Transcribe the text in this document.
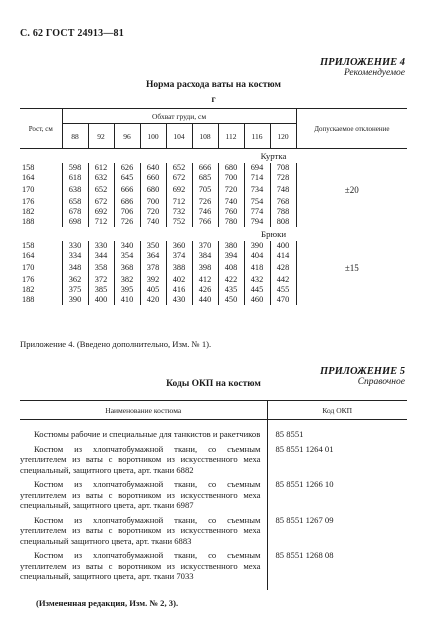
С. 62 ГОСТ 24913—81
ПРИЛОЖЕНИЕ 4
Рекомендуемое
Норма расхода ваты на костюм
г
Рост, см	Обхват груди, см									Допускаемое отклонение
	88	92	96	100	104	108	112	116	120	
Куртка										
158	598	612	626	640	652	666	680	694	708	
164	618	632	645	660	672	685	700	714	728	
170	638	652	666	680	692	705	720	734	748	±20
176	658	672	686	700	712	726	740	754	768	
182	678	692	706	720	732	746	760	774	788	
188	698	712	726	740	752	766	780	794	808	
Брюки										
158	330	330	340	350	360	370	380	390	400	
164	334	344	354	364	374	384	394	404	414	
170	348	358	368	378	388	398	408	418	428	±15
176	362	372	382	392	402	412	422	432	442	
182	375	385	395	405	416	426	435	445	455	
188	390	400	410	420	430	440	450	460	470	
Приложение 4. (Введено дополнительно, Изм. № 1).
ПРИЛОЖЕНИЕ 5
Справочное
Коды ОКП на костюм
Наименование костюма	Код ОКП
Костюмы рабочие и специальные для танкистов и ракетчиков	85 8551
Костюм из хлопчатобумажной ткани, со съемным утеплителем из ваты с воротником из искусственного меха специальный, защитного цвета, арт. ткани 6882	85 8551 1264 01
Костюм из хлопчатобумажной ткани, со съемным утеплителем из ваты с воротником из искусственного меха специальный, защитного цвета, арт. ткани 6987	85 8551 1266 10
Костюм из хлопчатобумажной ткани, со съемным утеплителем из ваты с воротником из искусственного меха специальный защитного цвета, арт. ткани 6883	85 8551 1267 09
Костюм из хлопчатобумажной ткани, со съемным утеплителем из ваты с воротником из искусственного меха специальный, защитного цвета, арт. ткани 7033	85 8551 1268 08

(Измененная редакция, Изм. № 2, 3).
